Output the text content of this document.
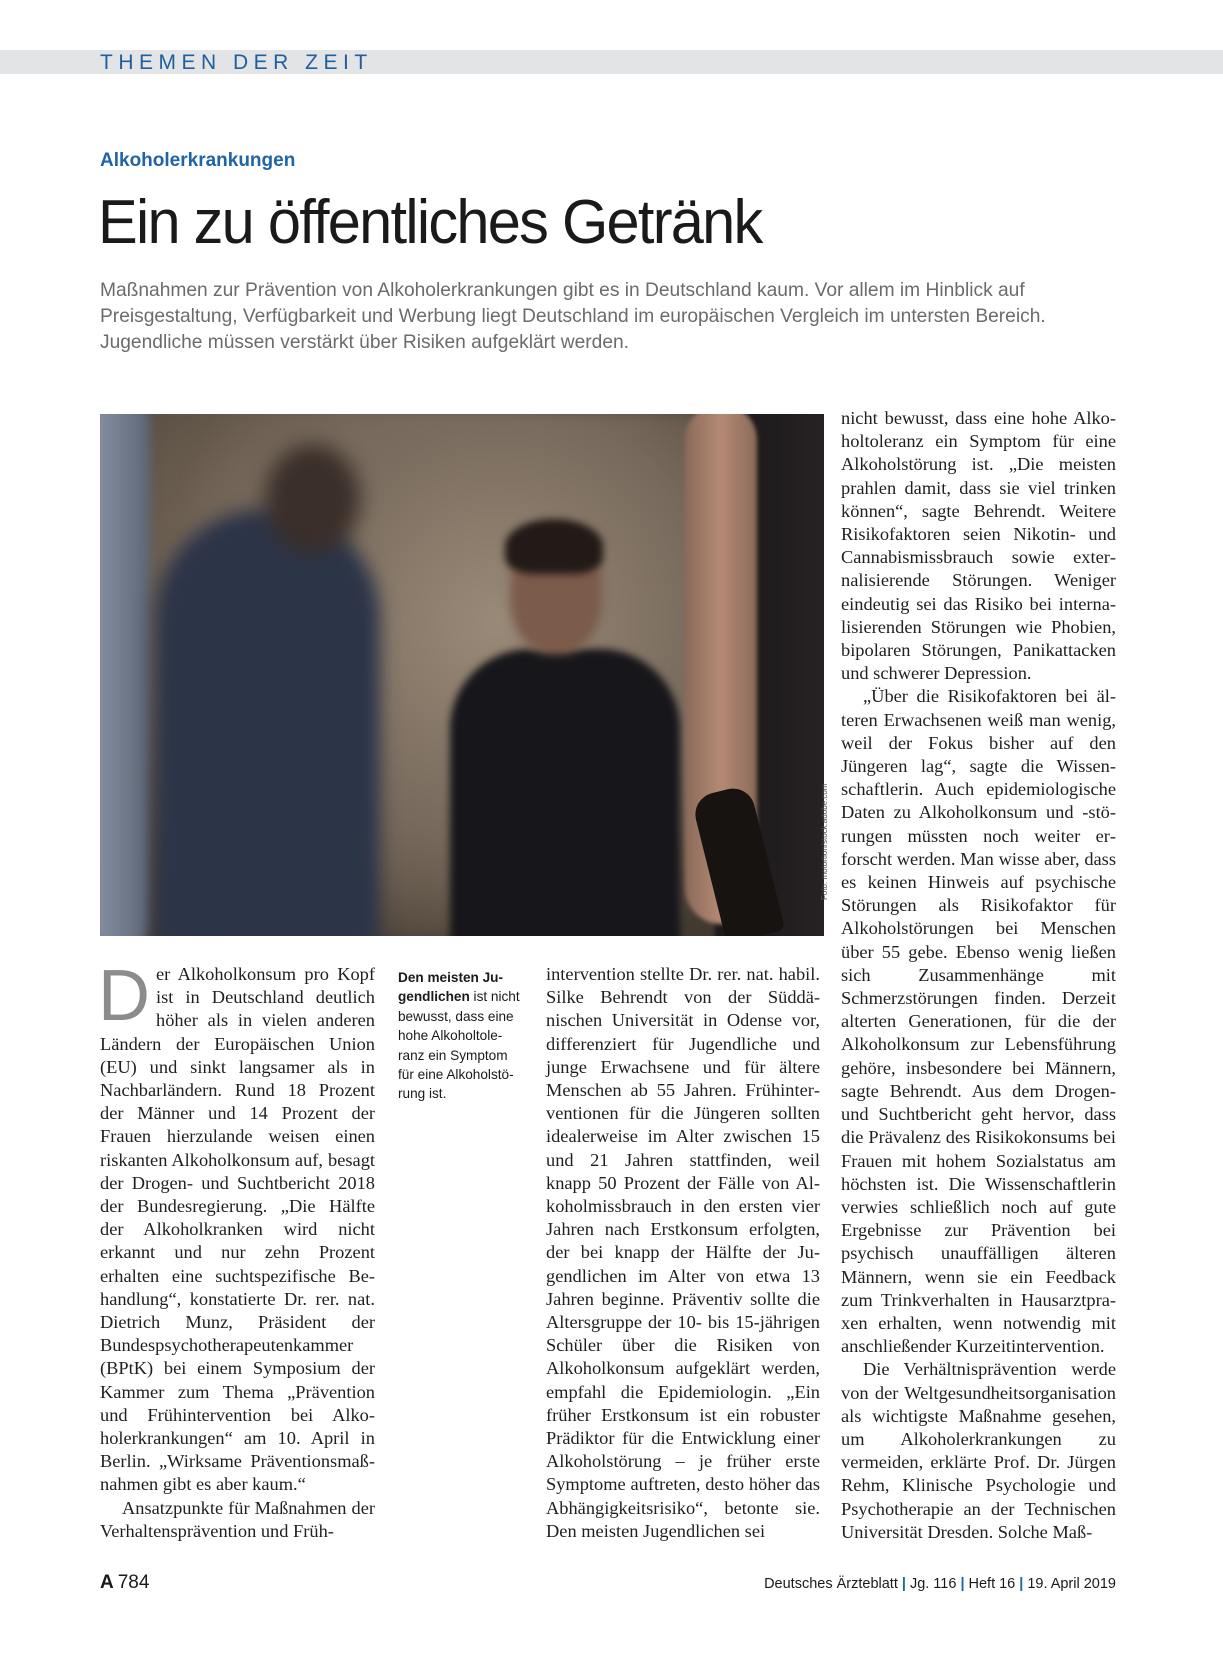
THEMEN DER ZEIT
Alkoholerkrankungen
Ein zu öffentliches Getränk

Maßnahmen zur Prävention von Alkoholerkrankungen gibt es in Deutschland kaum. Vor allem im Hinblick auf Preisgestaltung, Verfügbarkeit und Werbung liegt Deutschland im europäischen Vergleich im untersten Bereich. Jugendliche müssen verstärkt über Risiken aufgeklärt werden.

Foto: motortion/stock.adobe.com

Der Alkoholkonsum pro Kopf ist in Deutschland deutlich höher als in vielen anderen Ländern der Europäischen Union (EU) und sinkt langsamer als in Nachbarländern. Rund 18 Prozent der Männer und 14 Prozent der Frauen hierzulande weisen einen riskanten Alkoholkonsum auf, besagt der Drogen- und Suchtbericht 2018 der Bundesregierung. „Die Hälfte der Alkoholkranken wird nicht erkannt und nur zehn Prozent erhalten eine suchtspezifische Behandlung“, konstatierte Dr. rer. nat. Dietrich Munz, Präsident der Bundespsychotherapeutenkammer (BPtK) bei einem Symposium der Kammer zum Thema „Prävention und Frühintervention bei Alkoholerkrankungen“ am 10. April in Berlin. „Wirksame Präventionsmaßnahmen gibt es aber kaum.“

Ansatzpunkte für Maßnahmen der Verhaltensprävention und Früh-

Den meisten Jugendlichen ist nicht bewusst, dass eine hohe Alkoholtoleranz ein Symptom für eine Alkoholstörung ist.

intervention stellte Dr. rer. nat. habil. Silke Behrendt von der Süddänischen Universität in Odense vor, differenziert für Jugendliche und junge Erwachsene und für ältere Menschen ab 55 Jahren. Frühinterventionen für die Jüngeren sollten idealerweise im Alter zwischen 15 und 21 Jahren stattfinden, weil knapp 50 Prozent der Fälle von Alkoholmissbrauch in den ersten vier Jahren nach Erstkonsum erfolgten, der bei knapp der Hälfte der Jugendlichen im Alter von etwa 13 Jahren beginne. Präventiv sollte die Altersgruppe der 10- bis 15-jährigen Schüler über die Risiken von Alkoholkonsum aufgeklärt werden, empfahl die Epidemiologin. „Ein früher Erstkonsum ist ein robuster Prädiktor für die Entwicklung einer Alkoholstörung – je früher erste Symptome auftreten, desto höher das Abhängigkeitsrisiko“, betonte sie. Den meisten Jugendlichen sei

nicht bewusst, dass eine hohe Alkoholtoleranz ein Symptom für eine Alkoholstörung ist. „Die meisten prahlen damit, dass sie viel trinken können“, sagte Behrendt. Weitere Risikofaktoren seien Nikotin- und Cannabismissbrauch sowie externalisierende Störungen. Weniger eindeutig sei das Risiko bei internalisierenden Störungen wie Phobien, bipolaren Störungen, Panikattacken und schwerer Depression.

„Über die Risikofaktoren bei älteren Erwachsenen weiß man wenig, weil der Fokus bisher auf den Jüngeren lag“, sagte die Wissenschaftlerin. Auch epidemiologische Daten zu Alkoholkonsum und -störungen müssten noch weiter erforscht werden. Man wisse aber, dass es keinen Hinweis auf psychische Störungen als Risikofaktor für Alkoholstörungen bei Menschen über 55 gebe. Ebenso wenig ließen sich Zusammenhänge mit Schmerzstörungen finden. Derzeit alterten Generationen, für die der Alkoholkonsum zur Lebensführung gehöre, insbesondere bei Männern, sagte Behrendt. Aus dem Drogen- und Suchtbericht geht hervor, dass die Prävalenz des Risikokonsums bei Frauen mit hohem Sozialstatus am höchsten ist. Die Wissenschaftlerin verwies schließlich noch auf gute Ergebnisse zur Prävention bei psychisch unauffälligen älteren Männern, wenn sie ein Feedback zum Trinkverhalten in Hausarztpraxen erhalten, wenn notwendig mit anschließender Kurzeitintervention.

Die Verhältnisprävention werde von der Weltgesundheitsorganisation als wichtigste Maßnahme gesehen, um Alkoholerkrankungen zu vermeiden, erklärte Prof. Dr. Jürgen Rehm, Klinische Psychologie und Psychotherapie an der Technischen Universität Dresden. Solche Maß-

A 784	Deutsches Ärzteblatt | Jg. 116 | Heft 16 | 19. April 2019
